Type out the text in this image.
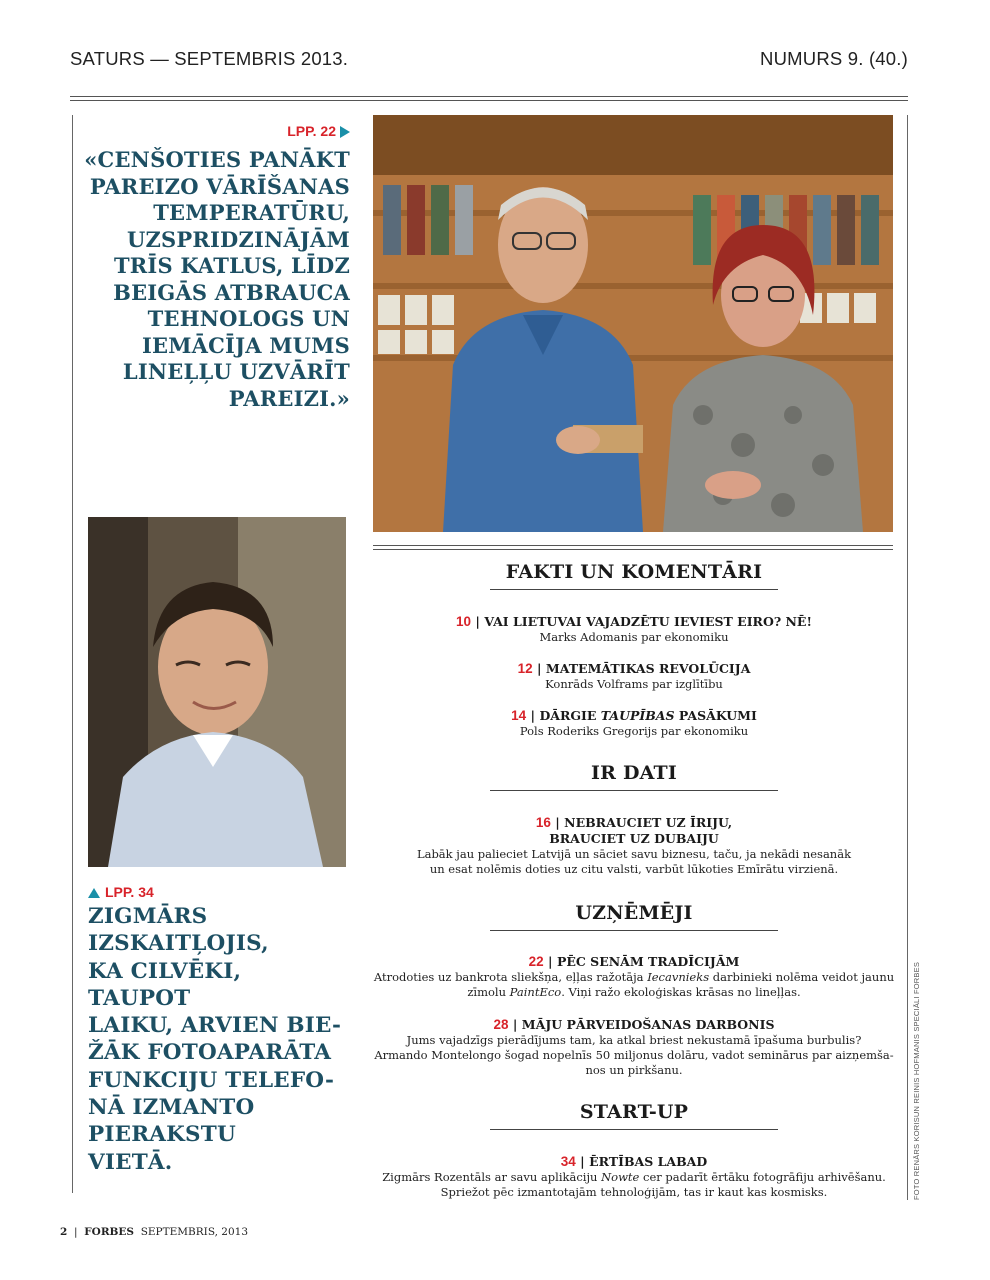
SATURS — SEPTEMBRIS 2013.	NUMURS 9. (40.)
LPP. 22
«CENŠOTIES PANĀKT
PAREIZO VĀRĪŠANAS
TEMPERATŪRU,
UZSPRIDZINĀJĀM
TRĪS KATLUS, LĪDZ
BEIGĀS ATBRAUCA
TEHNOLOGS UN
IEMĀCĪJA MUMS
LINEĻĻU UZVĀRĪT
PAREIZI.»
LPP. 34
ZIGMĀRS
IZSKAITĻOJIS,
KA CILVĒKI, TAUPOT
LAIKU, ARVIEN BIE-
ŽĀK FOTOAPARĀTA
FUNKCIJU TELEFO-
NĀ IZMANTO
PIERAKSTU
VIETĀ.
FAKTI UN KOMENTĀRI
10 | VAI LIETUVAI VAJADZĒTU IEVIEST EIRO? NĒ!
Marks Adomanis par ekonomiku
12 | MATEMĀTIKAS REVOLŪCIJA
Konrāds Volframs par izglītību
14 | DĀRGIE TAUPĪBAS PASĀKUMI
Pols Roderiks Gregorijs par ekonomiku
IR DATI
16 | NEBRAUCIET UZ ĪRIJU,
BRAUCIET UZ DUBAIJU
Labāk jau palieciet Latvijā un sāciet savu biznesu, taču, ja nekādi nesanāk
un esat nolēmis doties uz citu valsti, varbūt lūkoties Emīrātu virzienā.
UZŅĒMĒJI
22 | PĒC SENĀM TRADĪCIJĀM
Atrodoties uz bankrota sliekšņa, eļļas ražotāja Iecavnieks darbinieki nolēma veidot jaunu
zīmolu PaintEco. Viņi ražo ekoloģiskas krāsas no lineļļas.
28 | MĀJU PĀRVEIDOŠANAS DARBONIS
Jums vajadzīgs pierādījums tam, ka atkal briest nekustamā īpašuma burbulis?
Armando Montelongo šogad nopelnīs 50 miljonus dolāru, vadot seminārus par aizņemša-
nos un pirkšanu.
START-UP
34 | ĒRTĪBAS LABAD
Zigmārs Rozentāls ar savu aplikāciju Nowte cer padarīt ērtāku fotogrāfiju arhivēšanu.
Spriežot pēc izmantotajām tehnoloģijām, tas ir kaut kas kosmisks.	FOTO RENĀRS KORISUN REINIS HOFMANIS SPECIĀLI FORBES
2  |  FORBES SEPTEMBRIS, 2013
